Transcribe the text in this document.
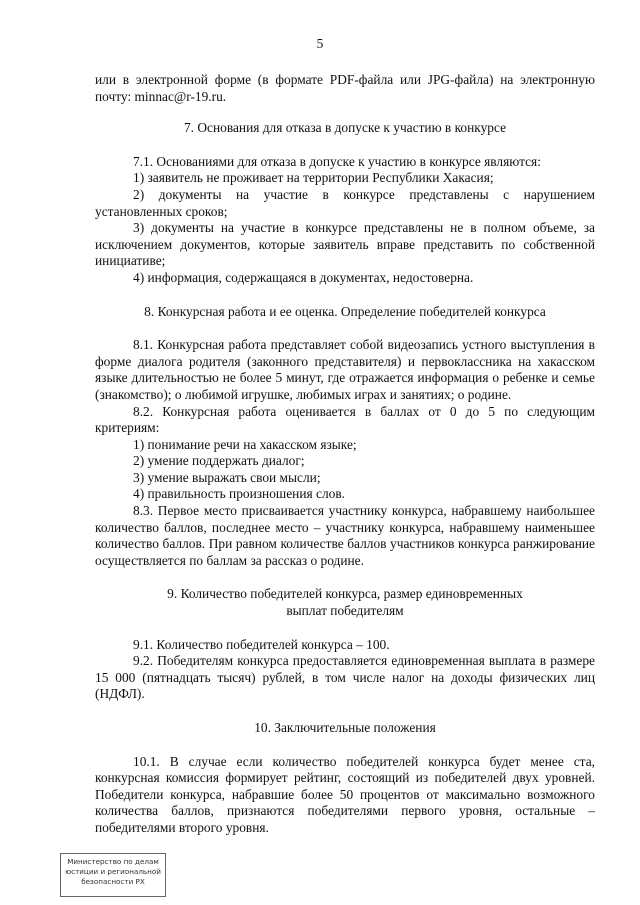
5

или в электронной форме (в формате PDF-файла или JPG-файла) на электронную почту: minnac@r-19.ru.

7. Основания для отказа в допуске к участию в конкурсе

7.1. Основаниями для отказа в допуске к участию в конкурсе являются:

1) заявитель не проживает на территории Республики Хакасия;

2) документы на участие в конкурсе представлены с нарушением установленных сроков;

3) документы на участие в конкурсе представлены не в полном объеме, за исключением документов, которые заявитель вправе представить по собственной инициативе;

4) информация, содержащаяся в документах, недостоверна.

8. Конкурсная работа и ее оценка. Определение победителей конкурса

8.1. Конкурсная работа представляет собой видеозапись устного выступления в форме диалога родителя (законного представителя) и первоклассника на хакасском языке длительностью не более 5 минут, где отражается информация о ребенке и семье (знакомство); о любимой игрушке, любимых играх и занятиях; о родине.

8.2. Конкурсная работа оценивается в баллах от 0 до 5 по следующим критериям:

1) понимание речи на хакасском языке;

2) умение поддержать диалог;

3) умение выражать свои мысли;

4) правильность произношения слов.

8.3. Первое место присваивается участнику конкурса, набравшему наибольшее количество баллов, последнее место – участнику конкурса, набравшему наименьшее количество баллов. При равном количестве баллов участников конкурса ранжирование осуществляется по баллам за рассказ о родине.

9. Количество победителей конкурса, размер единовременных
выплат победителям

9.1. Количество победителей конкурса – 100.

9.2. Победителям конкурса предоставляется единовременная выплата в размере 15 000 (пятнадцать тысяч) рублей, в том числе налог на доходы физических лиц (НДФЛ).

10. Заключительные положения

10.1. В случае если количество победителей конкурса будет менее ста, конкурсная комиссия формирует рейтинг, состоящий из победителей двух уровней. Победители конкурса, набравшие более 50 процентов от максимально возможного количества баллов, признаются победителями первого уровня, остальные – победителями второго уровня.

Министерство по делам
юстиции и региональной
безопасности РХ
